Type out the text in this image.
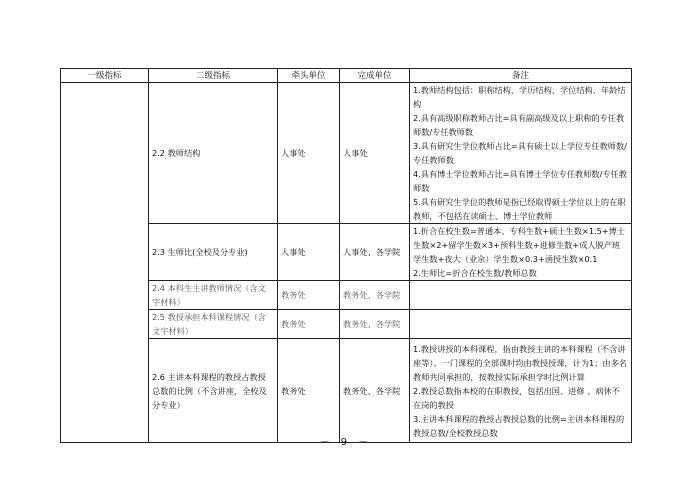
一级指标	二级指标	牵头单位	完成单位	备注
	2.2 教师结构	人事处	人事处	1.教师结构包括：职称结构、学历结构、学位结构、年龄结构
2.具有高级职称教师占比=具有副高级及以上职称的专任教师数/专任教师数
3.具有研究生学位教师占比=具有硕士以上学位专任教师数/专任教师数
4.具有博士学位教师占比=具有博士学位专任教师数/专任教师数
5.具有研究生学位的教师是指已经取得硕士学位以上的在职教师，不包括在读硕士、博士学位教师

	2.3 生师比(全校及分专业)	人事处	人事处、各学院	1.折合在校生数=普通本、专科生数+硕士生数×1.5+博士生数×2+留学生数×3+预科生数+进修生数+成人脱产班学生数+夜大（业余）学生数×0.3+函授生数×0.1
2.生师比=折合在校生数/教师总数

	2.4 本科生主讲教师情况（含文字材料）	教务处	教务处、各学院	
	2.5 教授承担本科课程情况（含文字材料）	教务处	教务处、各学院	
	2.6 主讲本科课程的教授占教授总数的比例（不含讲座，全校及分专业）	教务处	教务处、各学院	1.教授讲授的本科课程，指由教授主讲的本科课程（不含讲座等）。一门课程的全部课时均由教授授课，计为1；由多名教师共同承担的，按教授实际承担学时比例计算
2.教授总数指本校的在职教授，包括出国、进修 、病休不在岗的教授
3.主讲本科课程的教授占教授总数的比例=主讲本科课程的教授总数/全校教授总数
－ 9 －
